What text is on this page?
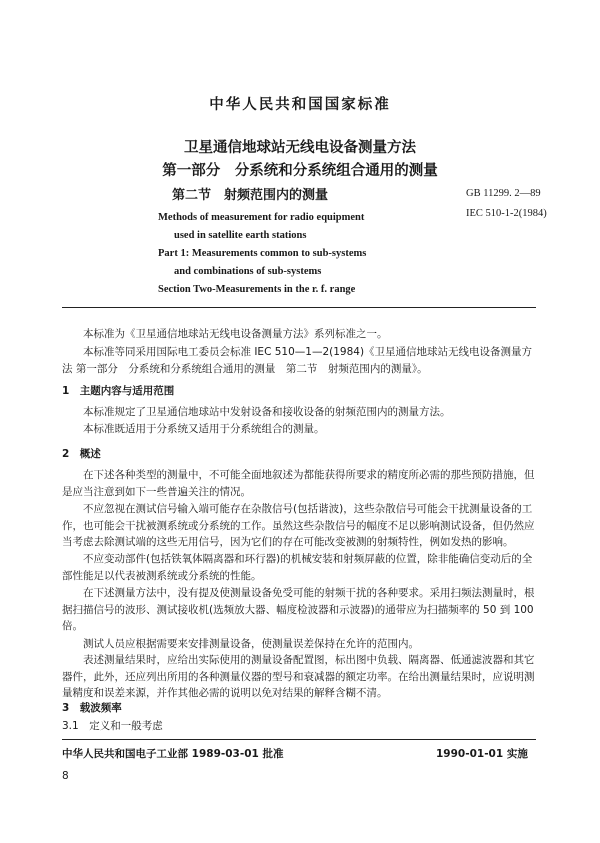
中华人民共和国国家标准
卫星通信地球站无线电设备测量方法
第一部分　分系统和分系统组合通用的测量
第二节　射频范围内的测量	GB 11299. 2—89
IEC 510-1-2(1984)
Methods of measurement for radio equipment
used in satellite earth stations
Part 1: Measurements common to sub-systems
and combinations of sub-systems
Section Two-Measurements in the r. f. range
本标准为《卫星通信地球站无线电设备测量方法》系列标准之一。
本标准等同采用国际电工委员会标准 IEC 510—1—2(1984)《卫星通信地球站无线电设备测量方法 第一部分　分系统和分系统组合通用的测量　第二节　射频范围内的测量》。
1　主题内容与适用范围
本标准规定了卫星通信地球站中发射设备和接收设备的射频范围内的测量方法。
本标准既适用于分系统又适用于分系统组合的测量。
2　概述
在下述各种类型的测量中，不可能全面地叙述为都能获得所要求的精度所必需的那些预防措施，但是应当注意到如下一些普遍关注的情况。
不应忽视在测试信号输入端可能存在杂散信号(包括谐波)，这些杂散信号可能会干扰测量设备的工作，也可能会干扰被测系统或分系统的工作。虽然这些杂散信号的幅度不足以影响测试设备，但仍然应当考虑去除测试端的这些无用信号，因为它们的存在可能改变被测的射频特性，例如发热的影响。
不应变动部件(包括铁氧体隔离器和环行器)的机械安装和射频屏蔽的位置，除非能确信变动后的全部性能足以代表被测系统或分系统的性能。
在下述测量方法中，没有提及使测量设备免受可能的射频干扰的各种要求。采用扫频法测量时，根据扫描信号的波形、测试接收机(选频放大器、幅度检波器和示波器)的通带应为扫描频率的 50 到 100 倍。
测试人员应根据需要来安排测量设备，使测量误差保持在允许的范围内。
表述测量结果时，应给出实际使用的测量设备配置图，标出图中负载、隔离器、低通滤波器和其它器件，此外，还应列出所用的各种测量仪器的型号和衰减器的额定功率。在给出测量结果时，应说明测量精度和误差来源，并作其他必需的说明以免对结果的解释含糊不清。
3　载波频率
3.1　定义和一般考虑
中华人民共和国电子工业部 1989-03-01 批准	1990-01-01 实施
8
